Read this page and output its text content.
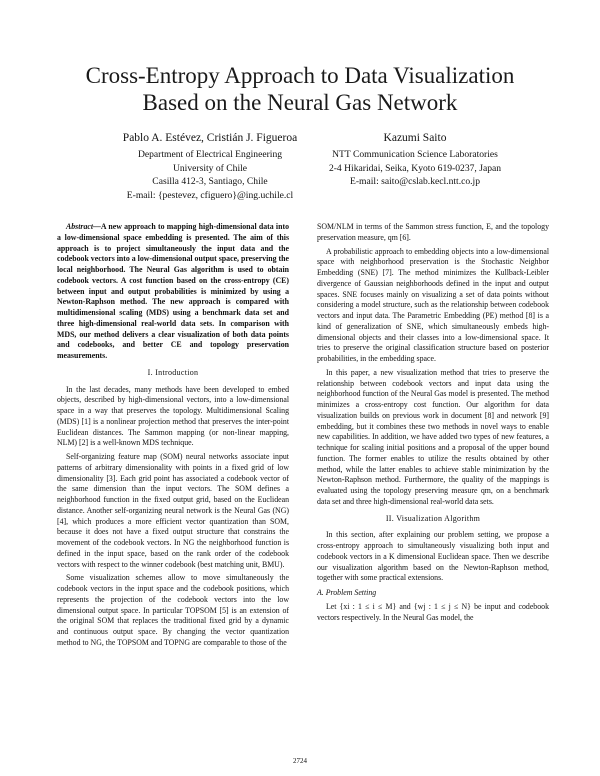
Cross-Entropy Approach to Data Visualization
Based on the Neural Gas Network
Pablo A. Estévez, Cristián J. Figueroa
Department of Electrical Engineering
University of Chile
Casilla 412-3, Santiago, Chile
E-mail: {pestevez, cfiguero}@ing.uchile.cl
Kazumi Saito
NTT Communication Science Laboratories
2-4 Hikaridai, Seika, Kyoto 619-0237, Japan
E-mail: saito@cslab.kecl.ntt.co.jp

Abstract—A new approach to mapping high-dimensional data into a low-dimensional space embedding is presented. The aim of this approach is to project simultaneously the input data and the codebook vectors into a low-dimensional output space, preserving the local neighborhood. The Neural Gas algorithm is used to obtain codebook vectors. A cost function based on the cross-entropy (CE) between input and output probabilities is minimized by using a Newton-Raphson method. The new approach is compared with multidimensional scaling (MDS) using a benchmark data set and three high-dimensional real-world data sets. In comparison with MDS, our method delivers a clear visualization of both data points and codebooks, and better CE and topology preservation measurements.

I. Introduction

In the last decades, many methods have been developed to embed objects, described by high-dimensional vectors, into a low-dimensional space in a way that preserves the topology. Multidimensional Scaling (MDS) [1] is a nonlinear projection method that preserves the inter-point Euclidean distances. The Sammon mapping (or non-linear mapping, NLM) [2] is a well-known MDS technique.

Self-organizing feature map (SOM) neural networks associate input patterns of arbitrary dimensionality with points in a fixed grid of low dimensionality [3]. Each grid point has associated a codebook vector of the same dimension than the input vectors. The SOM defines a neighborhood function in the fixed output grid, based on the Euclidean distance. Another self-organizing neural network is the Neural Gas (NG) [4], which produces a more efficient vector quantization than SOM, because it does not have a fixed output structure that constrains the movement of the codebook vectors. In NG the neighborhood function is defined in the input space, based on the rank order of the codebook vectors with respect to the winner codebook (best matching unit, BMU).

Some visualization schemes allow to move simultaneously the codebook vectors in the input space and the codebook positions, which represents the projection of the codebook vectors into the low dimensional output space. In particular TOPSOM [5] is an extension of the original SOM that replaces the traditional fixed grid by a dynamic and continuous output space. By changing the vector quantization method to NG, the TOPSOM and TOPNG are comparable to those of the

SOM/NLM in terms of the Sammon stress function, E, and the topology preservation measure, qm [6].

A probabilistic approach to embedding objects into a low-dimensional space with neighborhood preservation is the Stochastic Neighbor Embedding (SNE) [7]. The method minimizes the Kullback-Leibler divergence of Gaussian neighborhoods defined in the input and output spaces. SNE focuses mainly on visualizing a set of data points without considering a model structure, such as the relationship between codebook vectors and input data. The Parametric Embedding (PE) method [8] is a kind of generalization of SNE, which simultaneously embeds high-dimensional objects and their classes into a low-dimensional space. It tries to preserve the original classification structure based on posterior probabilities, in the embedding space.

In this paper, a new visualization method that tries to preserve the relationship between codebook vectors and input data using the neighborhood function of the Neural Gas model is presented. The method minimizes a cross-entropy cost function. Our algorithm for data visualization builds on previous work in document [8] and network [9] embedding, but it combines these two methods in novel ways to enable new capabilities. In addition, we have added two types of new features, a technique for scaling initial positions and a proposal of the upper bound function. The former enables to utilize the results obtained by other method, while the latter enables to achieve stable minimization by the Newton-Raphson method. Furthermore, the quality of the mappings is evaluated using the topology preserving measure qm, on a benchmark data set and three high-dimensional real-world data sets.

II. Visualization Algorithm

In this section, after explaining our problem setting, we propose a cross-entropy approach to simultaneously visualizing both input and codebook vectors in a K dimensional Euclidean space. Then we describe our visualization algorithm based on the Newton-Raphson method, together with some practical extensions.

A. Problem Setting

Let {xi : 1 ≤ i ≤ M} and {wj : 1 ≤ j ≤ N} be input and codebook vectors respectively. In the Neural Gas model, the

2724
